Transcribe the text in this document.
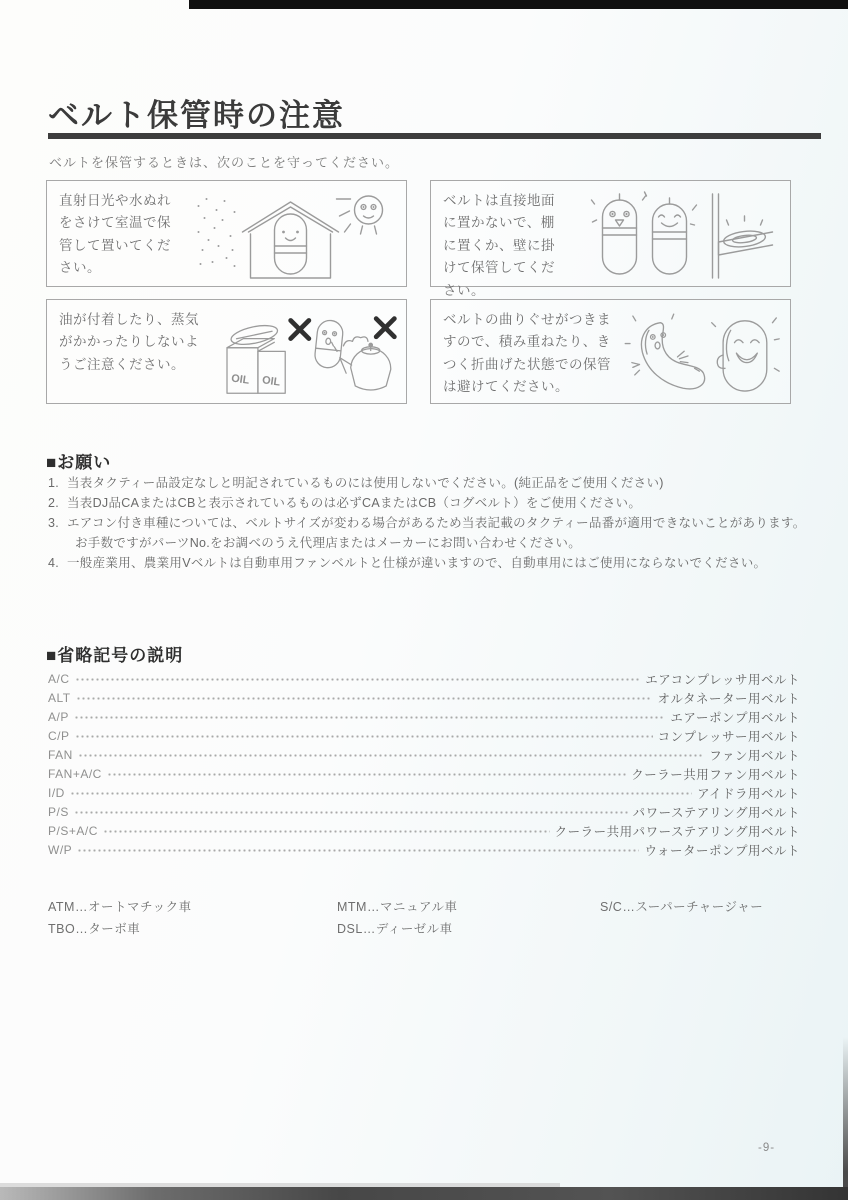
ベルト保管時の注意

ベルトを保管するときは、次のことを守ってください。

直射日光や水ぬれをさけて室温で保管して置いてください。

ベルトは直接地面に置かないで、棚に置くか、壁に掛けて保管してください。

油が付着したり、蒸気がかかったりしないようご注意ください。

OIL OIL

ベルトの曲りぐせがつきますので、積み重ねたり、きつく折曲げた状態での保管は避けてください。

■お願い
1. 当表タクティー品設定なしと明記されているものには使用しないでください。(純正品をご使用ください)
2. 当表DJ品CAまたはCBと表示されているものは必ずCAまたはCB（コグベルト）をご使用ください。
3. エアコン付き車種については、ベルトサイズが変わる場合があるため当表記載のタクティー品番が適用できないことがあります。
お手数ですがパーツNo.をお調べのうえ代理店またはメーカーにお問い合わせください。
4. 一般産業用、農業用Vベルトは自動車用ファンベルトと仕様が違いますので、自動車用にはご使用にならないでください。
■省略記号の説明
A/C	エアコンプレッサ用ベルト
ALT	オルタネーター用ベルト
A/P	エアーポンプ用ベルト
C/P	コンプレッサー用ベルト
FAN	ファン用ベルト
FAN+A/C	クーラー共用ファン用ベルト
I/D	アイドラ用ベルト
P/S	パワーステアリング用ベルト
P/S+A/C	クーラー共用パワーステアリング用ベルト
W/P	ウォーターポンプ用ベルト
ATM…オートマチック車
TBO…ターボ車
MTM…マニュアル車
DSL…ディーゼル車
S/C…スーパーチャージャー
-9-
